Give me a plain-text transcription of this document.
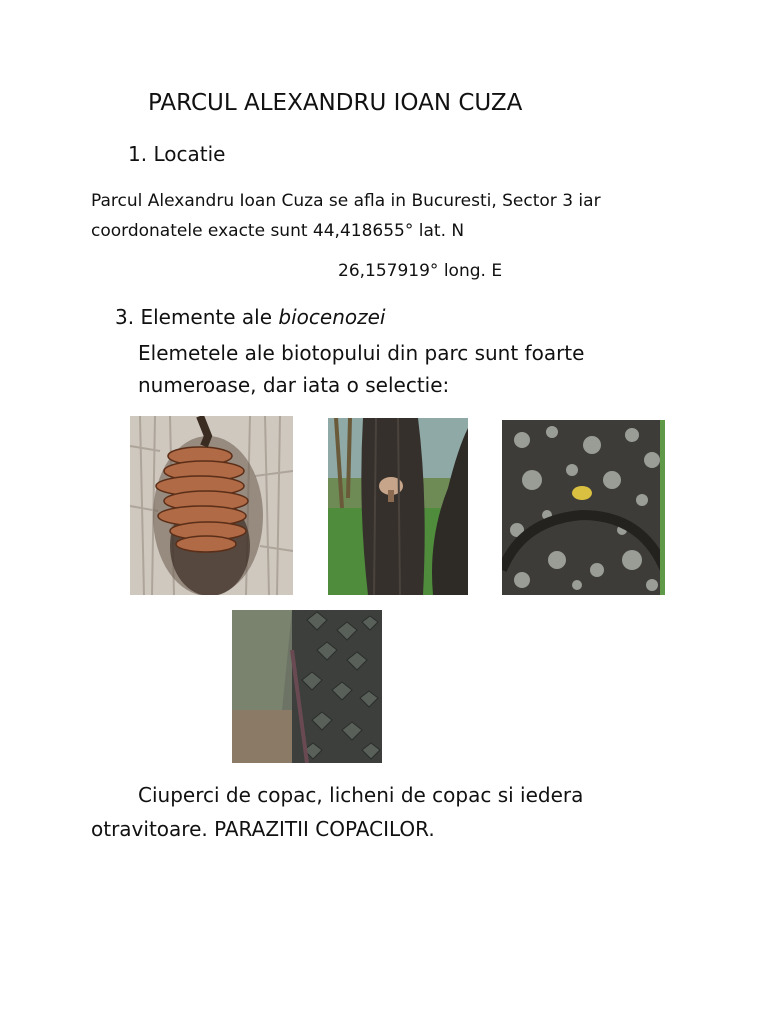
PARCUL ALEXANDRU IOAN CUZA
1. Locatie
Parcul Alexandru Ioan Cuza se afla in Bucuresti, Sector 3 iar coordonatele exacte sunt 44,418655° lat. N
26,157919° long. E
3. Elemente ale biocenozei
Elemetele ale biotopului din parc sunt foarte numeroase, dar iata o selectie:
Ciuperci de copac, licheni de copac si iedera otravitoare. PARAZITII COPACILOR.
